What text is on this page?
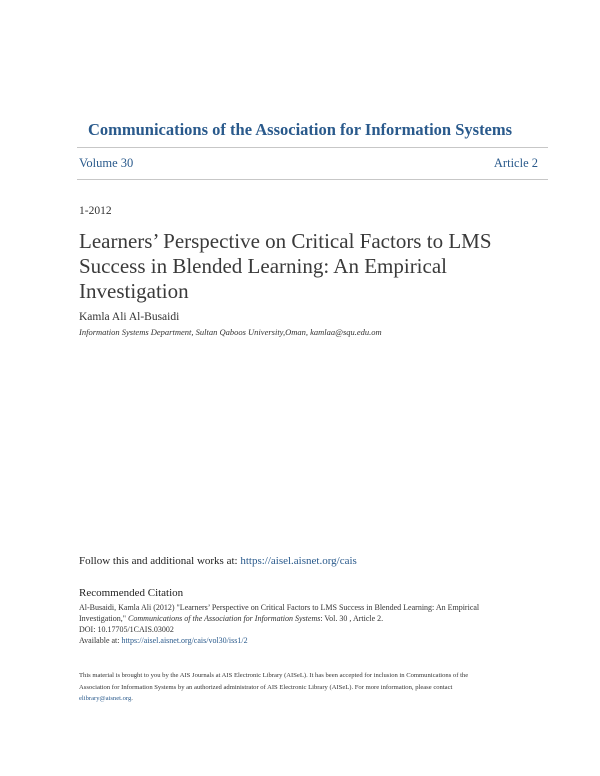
Communications of the Association for Information Systems
Volume 30	Article 2
1-2012
Learners’ Perspective on Critical Factors to LMS Success in Blended Learning: An Empirical Investigation
Kamla Ali Al-Busaidi
Information Systems Department, Sultan Qaboos University,Oman, kamlaa@squ.edu.om
Follow this and additional works at: https://aisel.aisnet.org/cais
Recommended Citation
Al-Busaidi, Kamla Ali (2012) "Learners’ Perspective on Critical Factors to LMS Success in Blended Learning: An Empirical
Investigation," Communications of the Association for Information Systems: Vol. 30 , Article 2.
DOI: 10.17705/1CAIS.03002
Available at: https://aisel.aisnet.org/cais/vol30/iss1/2
This material is brought to you by the AIS Journals at AIS Electronic Library (AISeL). It has been accepted for inclusion in Communications of the
Association for Information Systems by an authorized administrator of AIS Electronic Library (AISeL). For more information, please contact
elibrary@aisnet.org.
